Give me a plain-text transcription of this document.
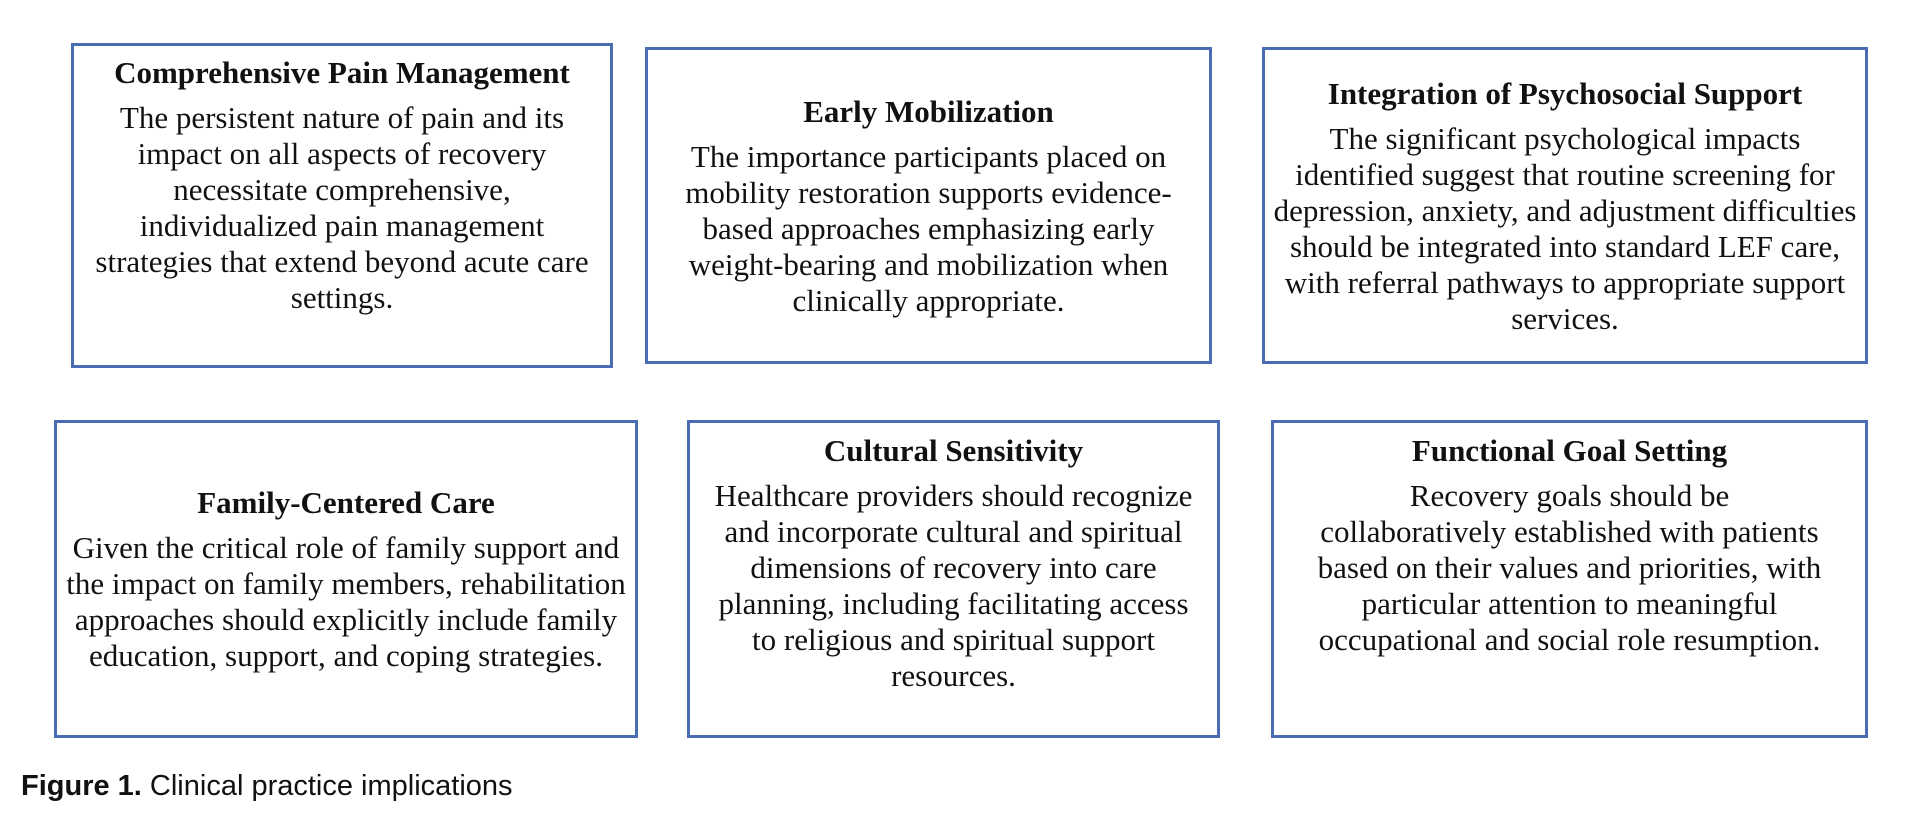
Comprehensive Pain Management
The persistent nature of pain and its impact on all aspects of recovery necessitate comprehensive, individualized pain management strategies that extend beyond acute care settings.
Early Mobilization
The importance participants placed on mobility restoration supports evidence-based approaches emphasizing early weight-bearing and mobilization when clinically appropriate.
Integration of Psychosocial Support
The significant psychological impacts identified suggest that routine screening for depression, anxiety, and adjustment difficulties should be integrated into standard LEF care, with referral pathways to appropriate support services.
Family-Centered Care
Given the critical role of family support and the impact on family members, rehabilitation approaches should explicitly include family education, support, and coping strategies.
Cultural Sensitivity
Healthcare providers should recognize and incorporate cultural and spiritual dimensions of recovery into care planning, including facilitating access to religious and spiritual support resources.
Functional Goal Setting
Recovery goals should be collaboratively established with patients based on their values and priorities, with particular attention to meaningful occupational and social role resumption.
Figure 1. Clinical practice implications
